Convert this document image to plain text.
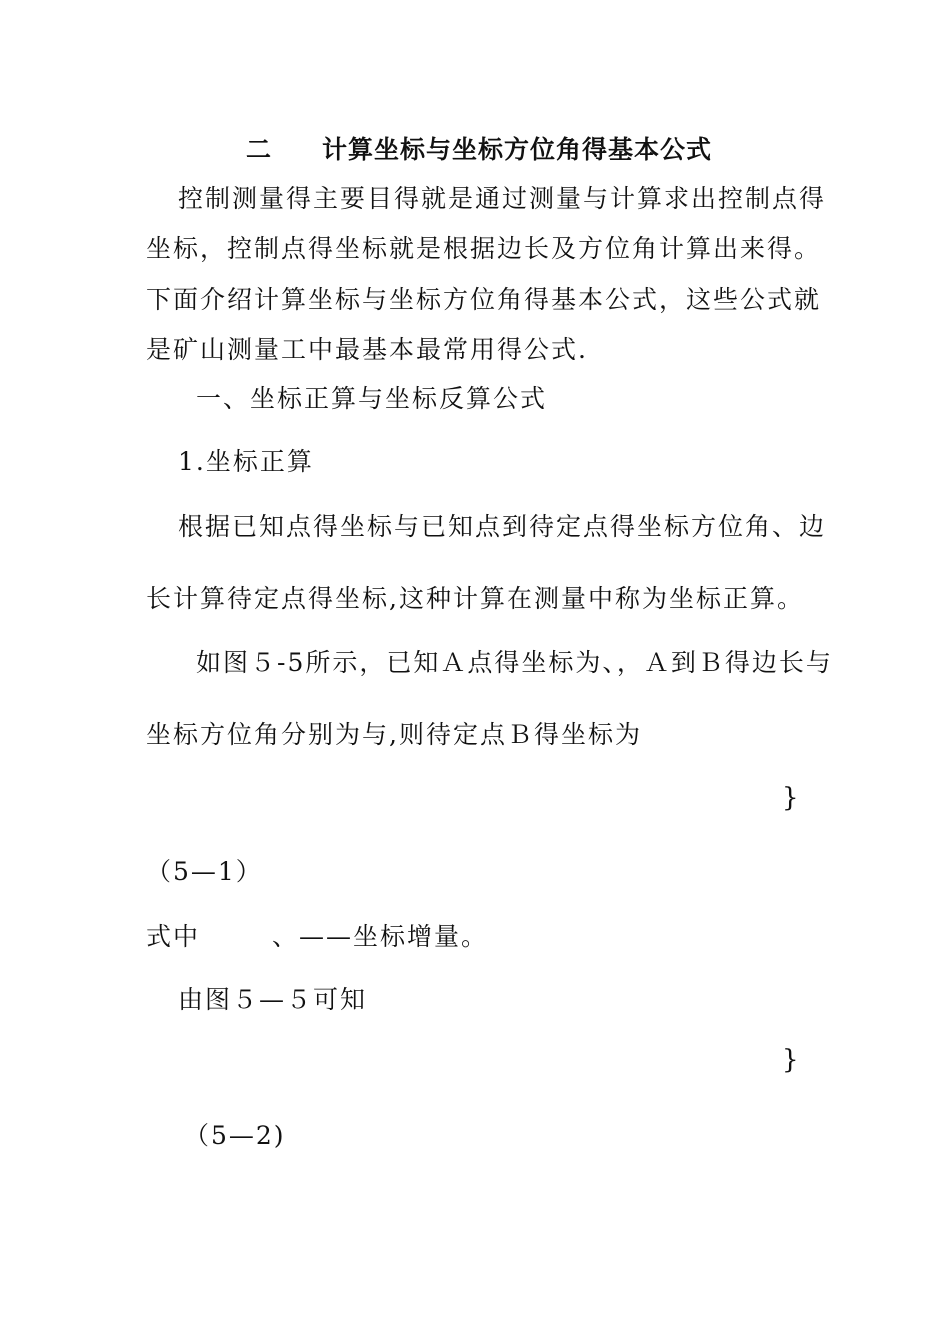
二 计算坐标与坐标方位角得基本公式
控制测量得主要目得就是通过测量与计算求出控制点得
坐标，控制点得坐标就是根据边长及方位角计算出来得。
下面介绍计算坐标与坐标方位角得基本公式，这些公式就
是矿山测量工中最基本最常用得公式.
一、坐标正算与坐标反算公式
1.坐标正算
根据已知点得坐标与已知点到待定点得坐标方位角、边
长计算待定点得坐标,这种计算在测量中称为坐标正算。
如图５-5所示，已知Ａ点得坐标为、，Ａ到Ｂ得边长与
坐标方位角分别为与,则待定点Ｂ得坐标为
}
（5—1）
式中	、——坐标增量。
由图５—５可知
}
（5—2)
